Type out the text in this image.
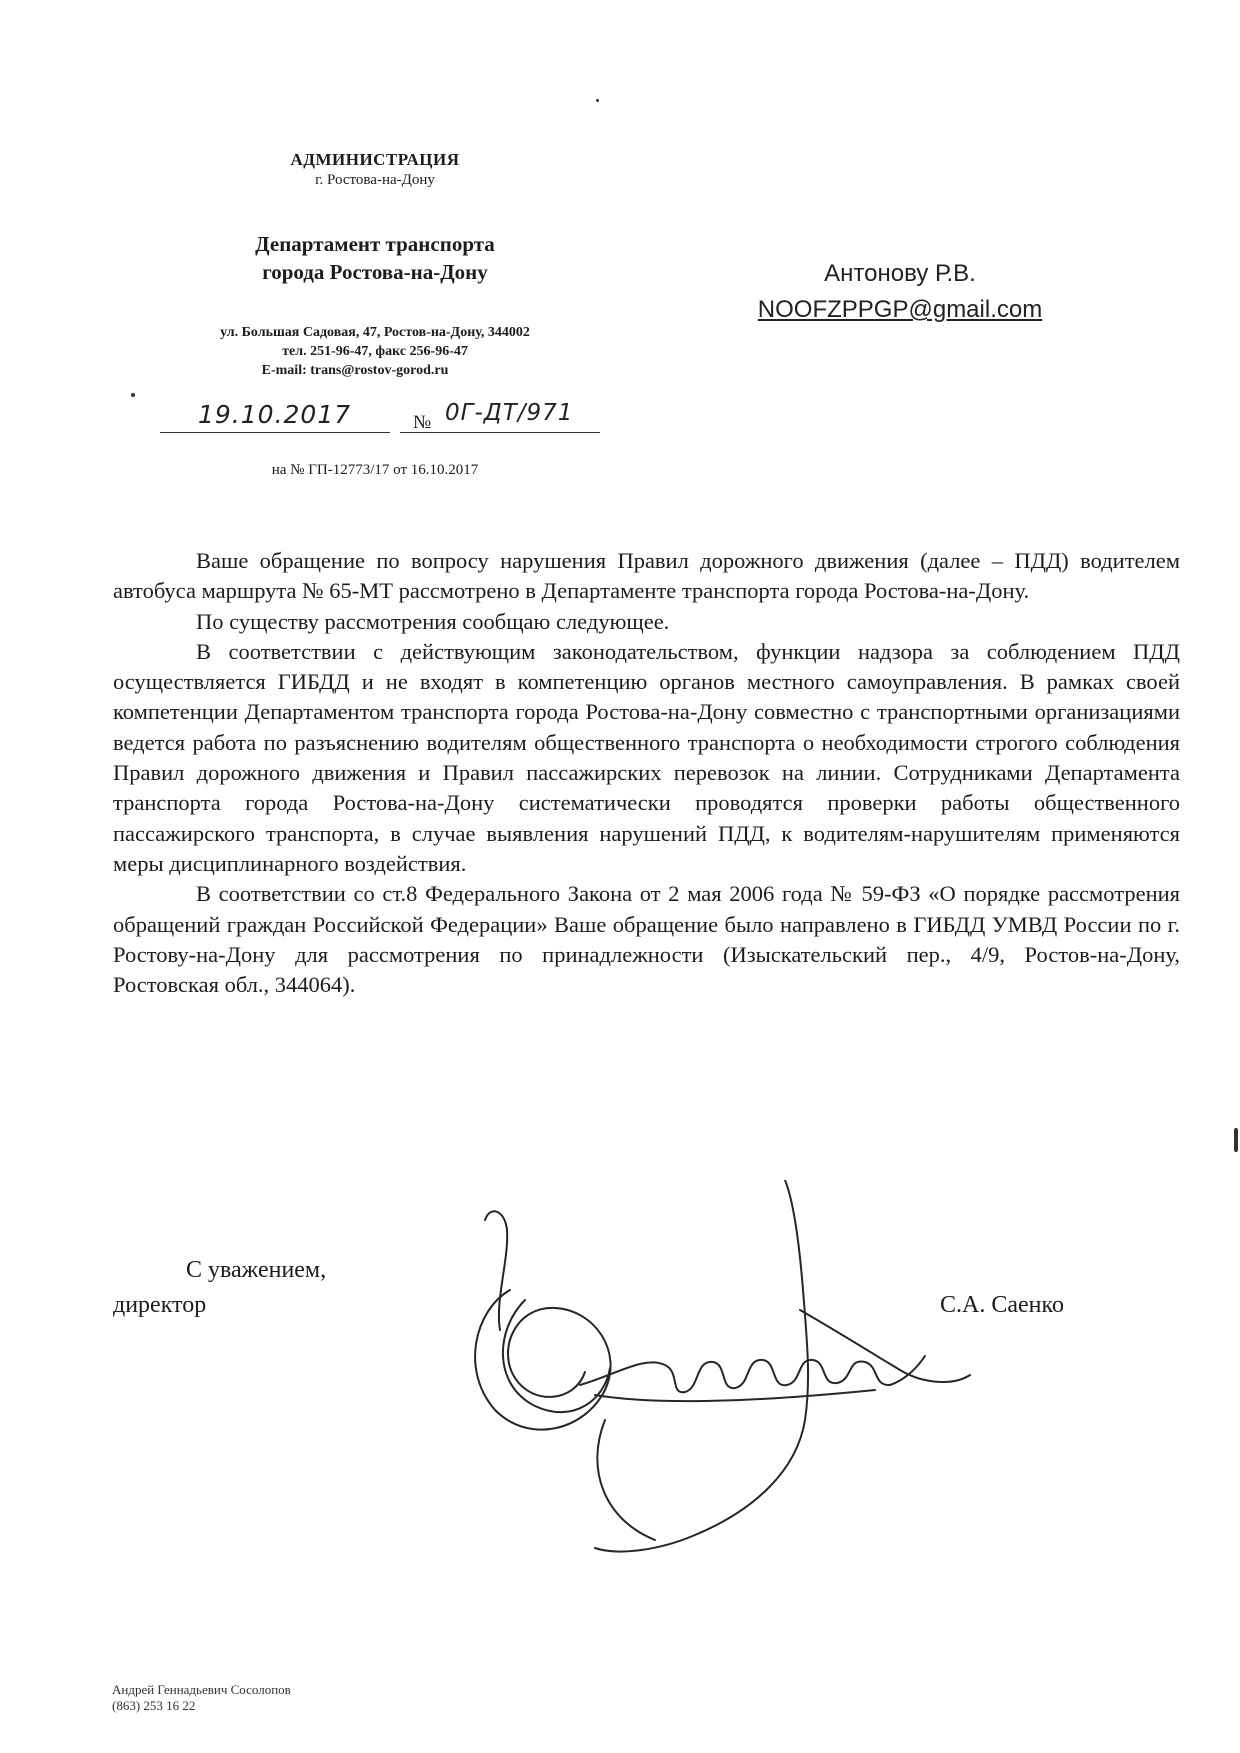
АДМИНИСТРАЦИЯ
г. Ростова-на-Дону
Департамент транспорта
города Ростова-на-Дону
ул. Большая Садовая, 47, Ростов-на-Дону, 344002
тел. 251-96-47, факс 256-96-47
E-mail: trans@rostov-gorod.ru
19.10.2017	№ 0Г-ДТ/971
на № ГП-12773/17 от 16.10.2017
Антонову Р.В.
NOOFZPPGP@gmail.com

Ваше обращение по вопросу нарушения Правил дорожного движения (далее – ПДД) водителем автобуса маршрута № 65-МТ рассмотрено в Департаменте транспорта города Ростова-на-Дону.

По существу рассмотрения сообщаю следующее.

В соответствии с действующим законодательством, функции надзора за соблюдением ПДД осуществляется ГИБДД и не входят в компетенцию органов местного самоуправления. В рамках своей компетенции Департаментом транспорта города Ростова-на-Дону совместно с транспортными организациями ведется работа по разъяснению водителям общественного транспорта о необходимости строгого соблюдения Правил дорожного движения и Правил пассажирских перевозок на линии. Сотрудниками Департамента транспорта города Ростова-на-Дону систематически проводятся проверки работы общественного пассажирского транспорта, в случае выявления нарушений ПДД, к водителям-нарушителям применяются меры дисциплинарного воздействия.

В соответствии со ст.8 Федерального Закона от 2 мая 2006 года № 59-ФЗ «О порядке рассмотрения обращений граждан Российской Федерации» Ваше обращение было направлено в ГИБДД УМВД России по г. Ростову-на-Дону для рассмотрения по принадлежности (Изыскательский пер., 4/9, Ростов-на-Дону, Ростовская обл., 344064).

С уважением,
директор	С.А. Саенко
Андрей Геннадьевич Сосолопов
(863) 253 16 22
